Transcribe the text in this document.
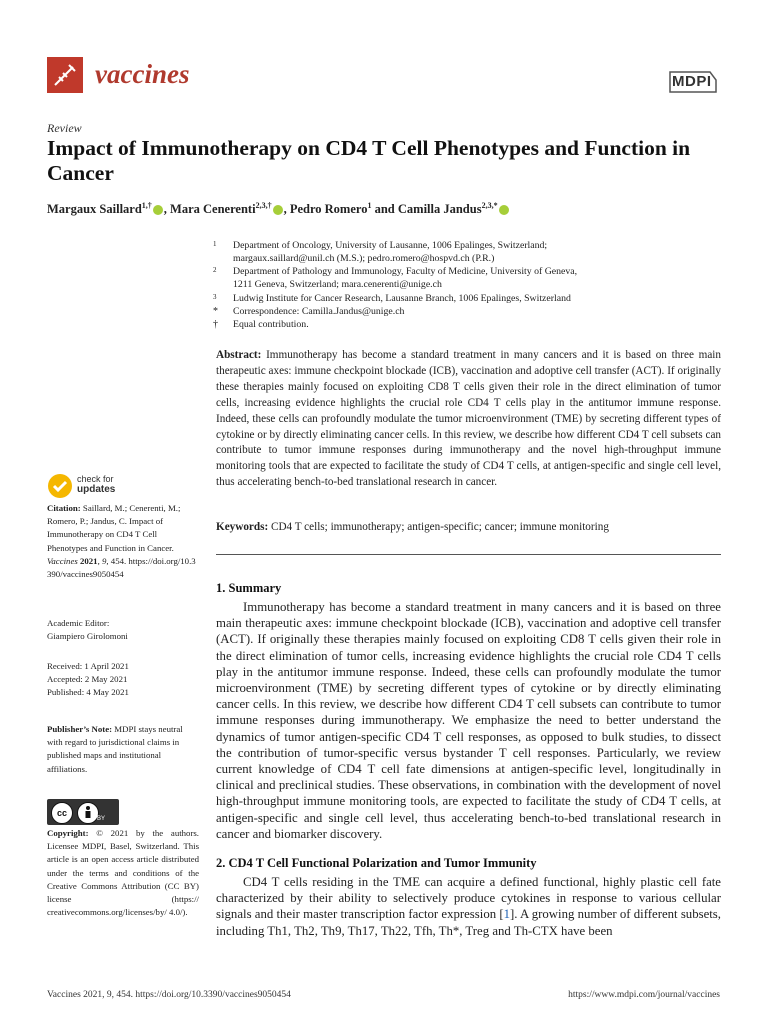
vaccines	MDPI
Review
Impact of Immunotherapy on CD4 T Cell Phenotypes and Function in Cancer
Margaux Saillard$^{1,\dagger}$ , Mara Cenerenti$^{2,3,\dagger}$ , Pedro Romero$^1$ and Camilla Jandus$^{2,3,*}$
1 Department of Oncology, University of Lausanne, 1006 Epalinges, Switzerland;
margaux.saillard@unil.ch (M.S.); pedro.romero@hospvd.ch (P.R.)
2 Department of Pathology and Immunology, Faculty of Medicine, University of Geneva,
1211 Geneva, Switzerland; mara.cenerenti@unige.ch
3 Ludwig Institute for Cancer Research, Lausanne Branch, 1006 Epalinges, Switzerland
* Correspondence: Camilla.Jandus@unige.ch
† Equal contribution.
Abstract: Immunotherapy has become a standard treatment in many cancers and it is based on three main therapeutic axes: immune checkpoint blockade (ICB), vaccination and adoptive cell transfer (ACT). If originally these therapies mainly focused on exploiting CD8 T cells given their role in the direct elimination of tumor cells, increasing evidence highlights the crucial role CD4 T cells play in the antitumor immune response. Indeed, these cells can profoundly modulate the tumor microenvironment (TME) by secreting different types of cytokine or by directly eliminating cancer cells. In this review, we describe how different CD4 T cell subsets can contribute to tumor immune responses during immunotherapy and the novel high-throughput immune monitoring tools that are expected to facilitate the study of CD4 T cells, at antigen-specific and single cell level, thus accelerating bench-to-bed translational research in cancer.
Keywords: CD4 T cells; immunotherapy; antigen-specific; cancer; immune monitoring
check for
updates
Citation: Saillard, M.; Cenerenti, M.; Romero, P.; Jandus, C. Impact of Immunotherapy on CD4 T Cell Phenotypes and Function in Cancer. Vaccines 2021, 9, 454. https://doi.org/10.3390/vaccines9050454
Academic Editor:
Giampiero Girolomoni
Received: 1 April 2021
Accepted: 2 May 2021
Published: 4 May 2021
Publisher’s Note: MDPI stays neutral with regard to jurisdictional claims in published maps and institutional affiliations.
cc
BY
Copyright: © 2021 by the authors. Licensee MDPI, Basel, Switzerland. This article is an open access article distributed under the terms and conditions of the Creative Commons Attribution (CC BY) license (https:// creativecommons.org/licenses/by/ 4.0/).
1. Summary

Immunotherapy has become a standard treatment in many cancers and it is based on three main therapeutic axes: immune checkpoint blockade (ICB), vaccination and adoptive cell transfer (ACT). If originally these therapies mainly focused on exploiting CD8 T cells given their role in the direct elimination of tumor cells, increasing evidence highlights the crucial role CD4 T cells play in the antitumor immune response. Indeed, these cells can profoundly modulate the tumor microenvironment (TME) by secreting different types of cytokine or by directly eliminating cancer cells. In this review, we describe how different CD4 T cell subsets can contribute to tumor immune responses during immunotherapy. We emphasize the need to better understand the dynamics of tumor antigen-specific CD4 T cell responses, as opposed to bulk studies, to dissect the contribution of tumor-specific versus bystander T cell responses. Particularly, we review current knowledge of CD4 T cell fate dimensions at antigen-specific level, longitudinally in clinical and preclinical studies. These observations, in combination with the development of novel high-throughput immune monitoring tools, are expected to facilitate the study of CD4 T cells, at antigen-specific and single cell level, thus accelerating bench-to-bed translational research in cancer and biomarker discovery.

2. CD4 T Cell Functional Polarization and Tumor Immunity

CD4 T cells residing in the TME can acquire a defined functional, highly plastic cell fate characterized by their ability to selectively produce cytokines in response to various cellular signals and their master transcription factor expression [1]. A growing number of different subsets, including Th1, Th2, Th9, Th17, Th22, Tfh, Th*, Treg and Th-CTX have been

Vaccines 2021, 9, 454. https://doi.org/10.3390/vaccines9050454	https://www.mdpi.com/journal/vaccines
